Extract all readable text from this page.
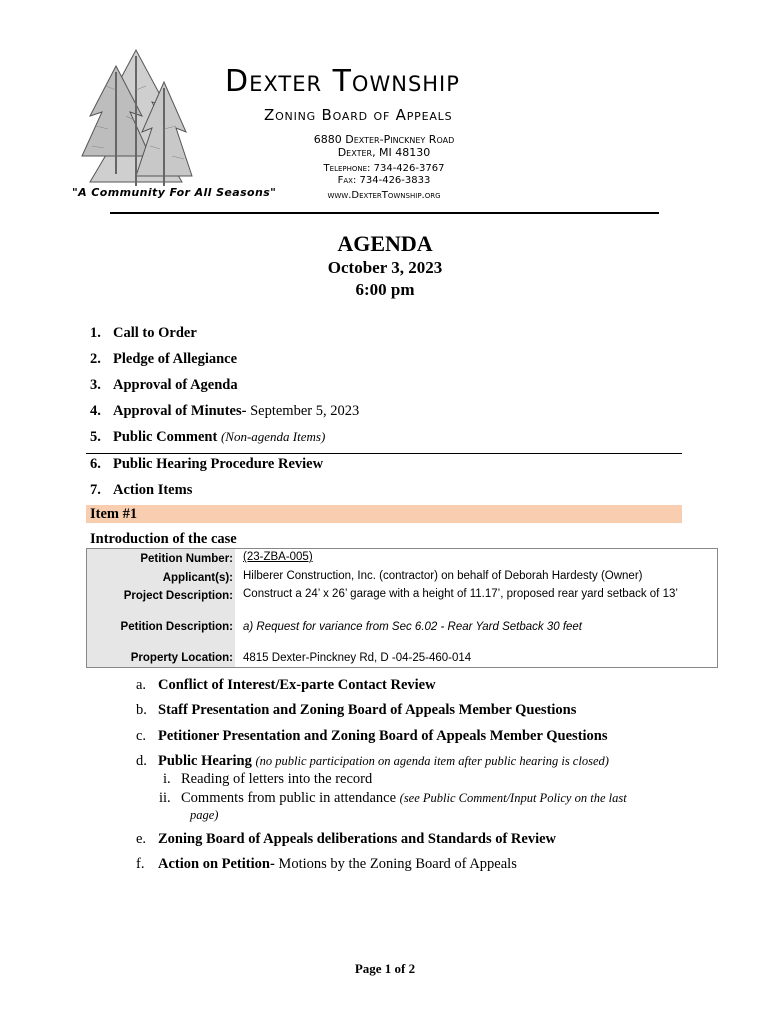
"A Community For All Seasons"
Dexter Township
Zoning Board of Appeals
6880 Dexter-Pinckney Road
Dexter, MI 48130
Telephone: 734-426-3767
Fax: 734-426-3833
www.DexterTownship.org
AGENDA
October 3, 2023
6:00 pm
1. Call to Order
2. Pledge of Allegiance
3. Approval of Agenda
4. Approval of Minutes- September 5, 2023
5. Public Comment (Non-agenda Items)
6. Public Hearing Procedure Review
7. Action Items
Item #1
Introduction of the case
Petition Number: (23-ZBA-005)
Applicant(s): Hilberer Construction, Inc. (contractor) on behalf of Deborah Hardesty (Owner)
Project Description: Construct a 24’ x 26’ garage with a height of 11.17’, proposed rear yard setback of 13’
Petition Description: a) Request for variance from Sec 6.02 - Rear Yard Setback 30 feet
Property Location: 4815 Dexter-Pinckney Rd, D -04-25-460-014
a. Conflict of Interest/Ex-parte Contact Review
b. Staff Presentation and Zoning Board of Appeals Member Questions
c. Petitioner Presentation and Zoning Board of Appeals Member Questions
d. Public Hearing (no public participation on agenda item after public hearing is closed)
i. Reading of letters into the record
ii. Comments from public in attendance (see Public Comment/Input Policy on the last
page)
e. Zoning Board of Appeals deliberations and Standards of Review
f. Action on Petition- Motions by the Zoning Board of Appeals
Page 1 of 2
